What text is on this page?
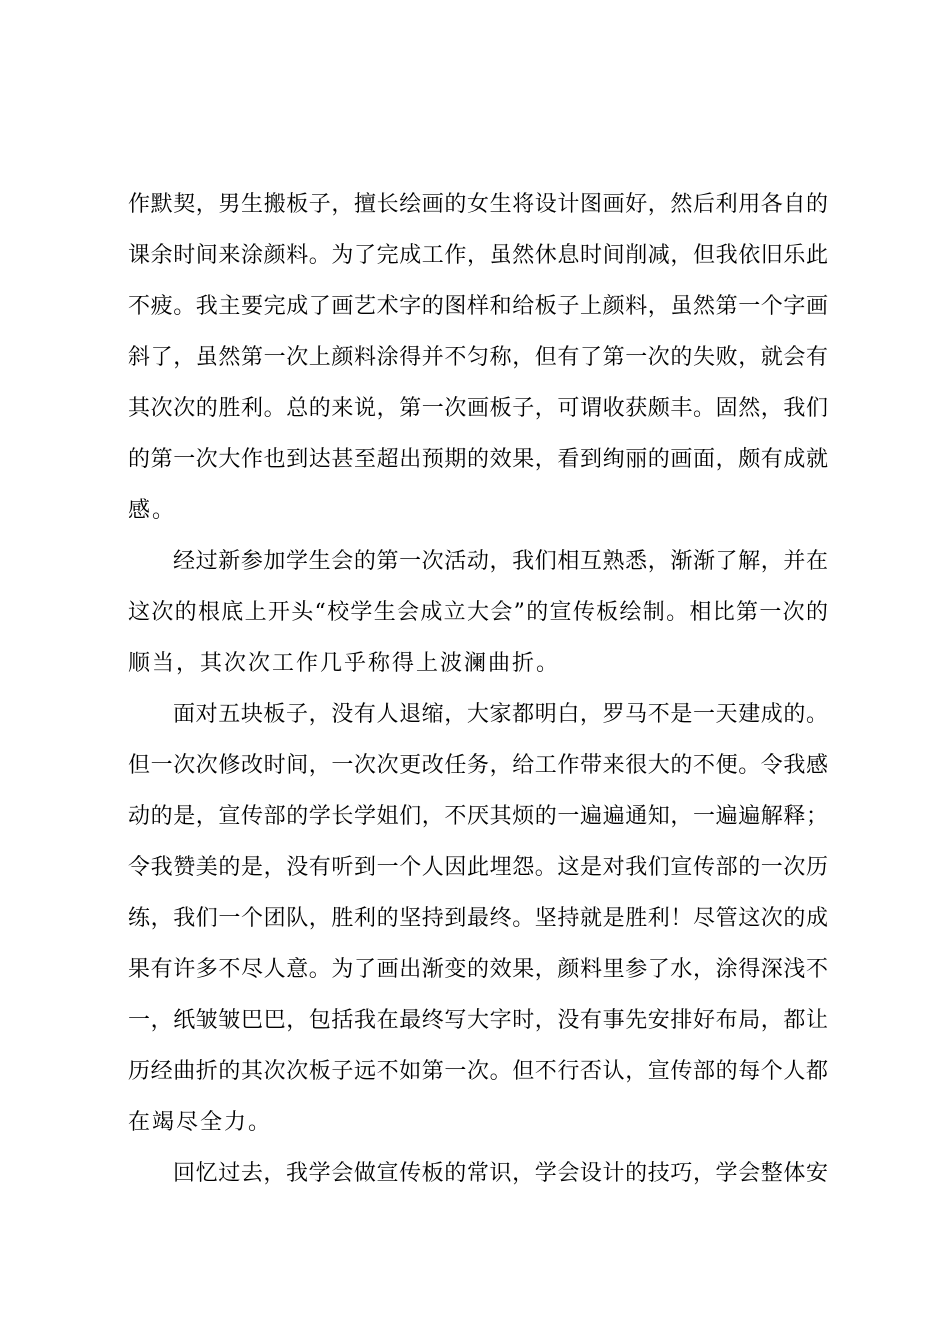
作默契，男生搬板子，擅长绘画的女生将设计图画好，然后利用各自的
课余时间来涂颜料。为了完成工作，虽然休息时间削减，但我依旧乐此
不疲。我主要完成了画艺术字的图样和给板子上颜料，虽然第一个字画
斜了，虽然第一次上颜料涂得并不匀称，但有了第一次的失败，就会有
其次次的胜利。总的来说，第一次画板子，可谓收获颇丰。固然，我们
的第一次大作也到达甚至超出预期的效果，看到绚丽的画面，颇有成就
感。
经过新参加学生会的第一次活动，我们相互熟悉，渐渐了解，并在
这次的根底上开头“校学生会成立大会”的宣传板绘制。相比第一次的
顺当，其次次工作几乎称得上波澜曲折。
面对五块板子，没有人退缩，大家都明白，罗马不是一天建成的。
但一次次修改时间，一次次更改任务，给工作带来很大的不便。令我感
动的是，宣传部的学长学姐们，不厌其烦的一遍遍通知，一遍遍解释；
令我赞美的是，没有听到一个人因此埋怨。这是对我们宣传部的一次历
练，我们一个团队，胜利的坚持到最终。坚持就是胜利！尽管这次的成
果有许多不尽人意。为了画出渐变的效果，颜料里参了水，涂得深浅不
一，纸皱皱巴巴，包括我在最终写大字时，没有事先安排好布局，都让
历经曲折的其次次板子远不如第一次。但不行否认，宣传部的每个人都
在竭尽全力。
回忆过去，我学会做宣传板的常识，学会设计的技巧，学会整体安
